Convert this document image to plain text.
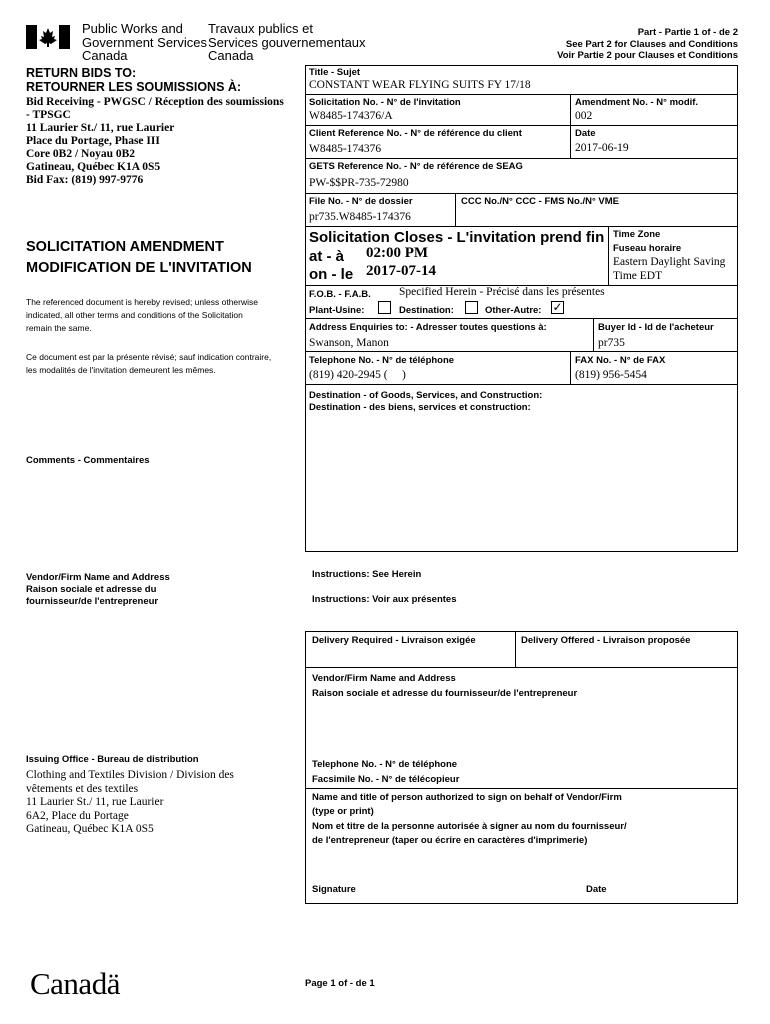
Public Works and
Government Services
Canada
Travaux publics et
Services gouvernementaux
Canada
Part - Partie 1 of - de 2
See Part 2 for Clauses and Conditions
Voir Partie 2 pour Clauses et Conditions
RETURN BIDS TO:
RETOURNER LES SOUMISSIONS À:
Bid Receiving - PWGSC / Réception des soumissions
- TPSGC
11 Laurier St./ 11, rue Laurier
Place du Portage, Phase III
Core 0B2 / Noyau 0B2
Gatineau, Québec K1A 0S5
Bid Fax: (819) 997-9776
SOLICITATION AMENDMENT
MODIFICATION DE L'INVITATION
The referenced document is hereby revised; unless otherwise
indicated, all other terms and conditions of the Solicitation
remain the same.
Ce document est par la présente révisé; sauf indication contraire,
les modalités de l'invitation demeurent les mêmes.
Comments - Commentaires
Vendor/Firm Name and Address
Raison sociale et adresse du
fournisseur/de l'entrepreneur
Issuing Office - Bureau de distribution
Clothing and Textiles Division / Division des
vêtements et des textiles
11 Laurier St./ 11, rue Laurier
6A2, Place du Portage
Gatineau, Québec K1A 0S5
Title - Sujet
CONSTANT WEAR FLYING SUITS FY 17/18
Solicitation No. - N° de l'invitation
W8485-174376/A
Amendment No. - N° modif.
002
Client Reference No. - N° de référence du client
W8485-174376
Date
2017-06-19
GETS Reference No. - N° de référence de SEAG
PW-$$PR-735-72980
File No. - N° de dossier
pr735.W8485-174376
CCC No./N° CCC - FMS No./N° VME
Solicitation Closes - L'invitation prend fin
at - à 02:00 PM
on - le 2017-07-14
Time Zone
Fuseau horaire
Eastern Daylight Saving
Time EDT
F.O.B. - F.A.B. Specified Herein - Précisé dans les présentes
Plant-Usine:	Destination:	Other-Autre: ✓
Address Enquiries to: - Adresser toutes questions à:
Swanson, Manon
Buyer Id - Id de l'acheteur
pr735
Telephone No. - N° de téléphone
(819) 420-2945 (     )
FAX No. - N° de FAX
(819) 956-5454
Destination - of Goods, Services, and Construction:
Destination - des biens, services et construction:
Instructions: See Herein
Instructions: Voir aux présentes
Delivery Required - Livraison exigée	Delivery Offered - Livraison proposée
Vendor/Firm Name and Address
Raison sociale et adresse du fournisseur/de l'entrepreneur
Telephone No. - N° de téléphone
Facsimile No. - N° de télécopieur
Name and title of person authorized to sign on behalf of Vendor/Firm
(type or print)
Nom et titre de la personne autorisée à signer au nom du fournisseur/
de l'entrepreneur (taper ou écrire en caractères d'imprimerie)
Signature	Date
Canadä	Page 1 of - de 1
